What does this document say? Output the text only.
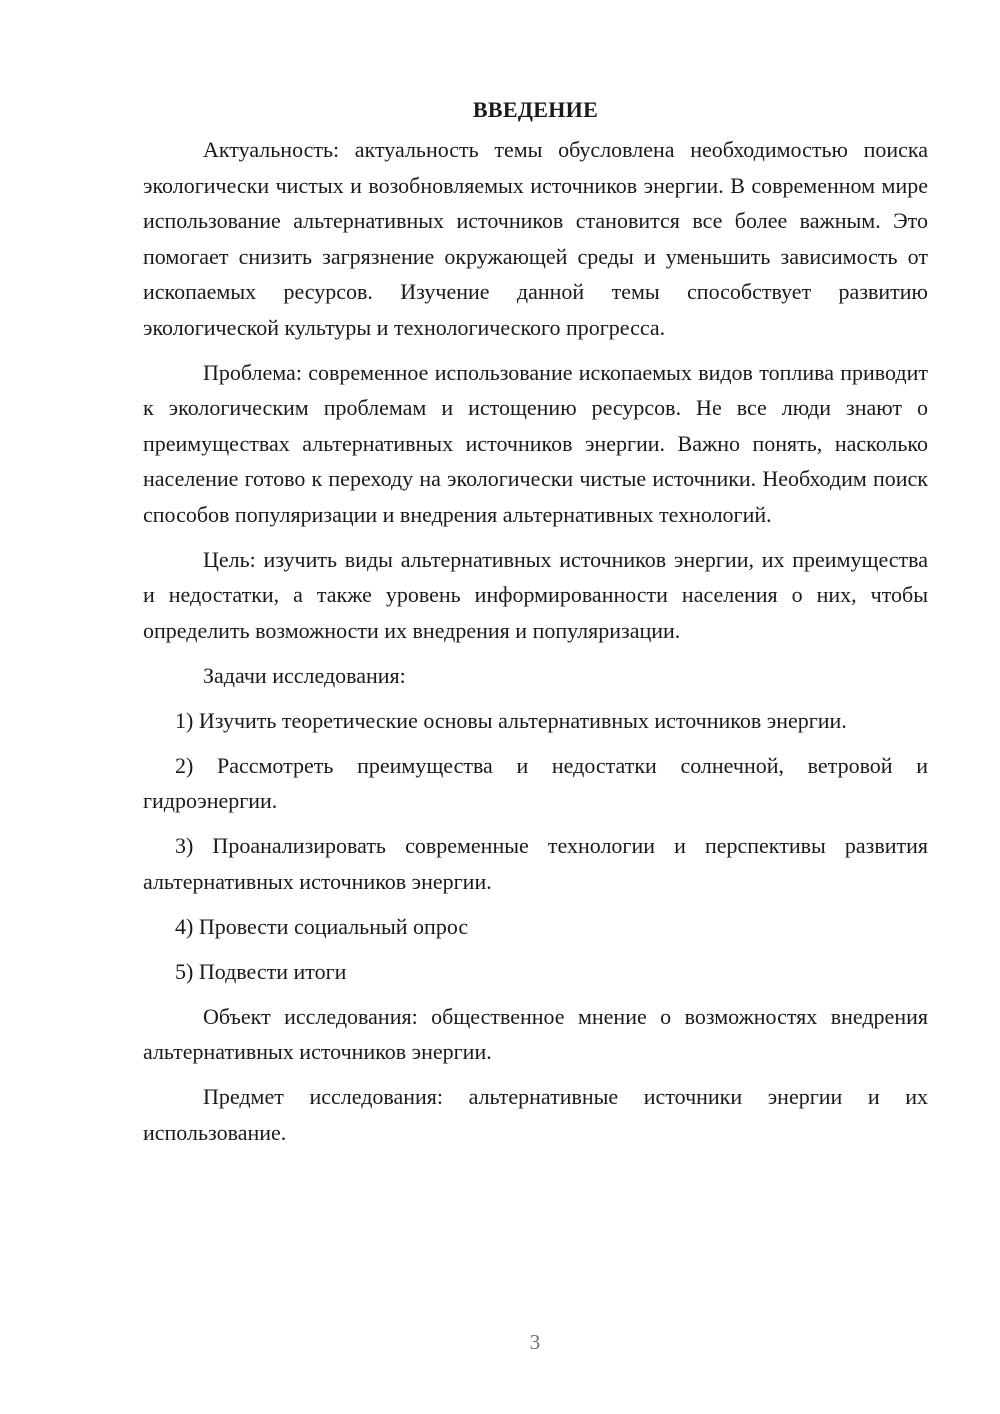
ВВЕДЕНИЕ

Актуальность: актуальность темы обусловлена необходимостью поиска экологически чистых и возобновляемых источников энергии. В современном мире использование альтернативных источников становится все более важным. Это помогает снизить загрязнение окружающей среды и уменьшить зависимость от ископаемых ресурсов. Изучение данной темы способствует развитию экологической культуры и технологического прогресса.

Проблема: современное использование ископаемых видов топлива приводит к экологическим проблемам и истощению ресурсов. Не все люди знают о преимуществах альтернативных источников энергии. Важно понять, насколько население готово к переходу на экологически чистые источники. Необходим поиск способов популяризации и внедрения альтернативных технологий.

Цель: изучить виды альтернативных источников энергии, их преимущества и недостатки, а также уровень информированности населения о них, чтобы определить возможности их внедрения и популяризации.

Задачи исследования:

1) Изучить теоретические основы альтернативных источников энергии.

2) Рассмотреть преимущества и недостатки солнечной, ветровой и гидроэнергии.

3) Проанализировать современные технологии и перспективы развития альтернативных источников энергии.

4) Провести социальный опрос

5) Подвести итоги

Объект исследования: общественное мнение о возможностях внедрения альтернативных источников энергии.

Предмет исследования: альтернативные источники энергии и их использование.

3
